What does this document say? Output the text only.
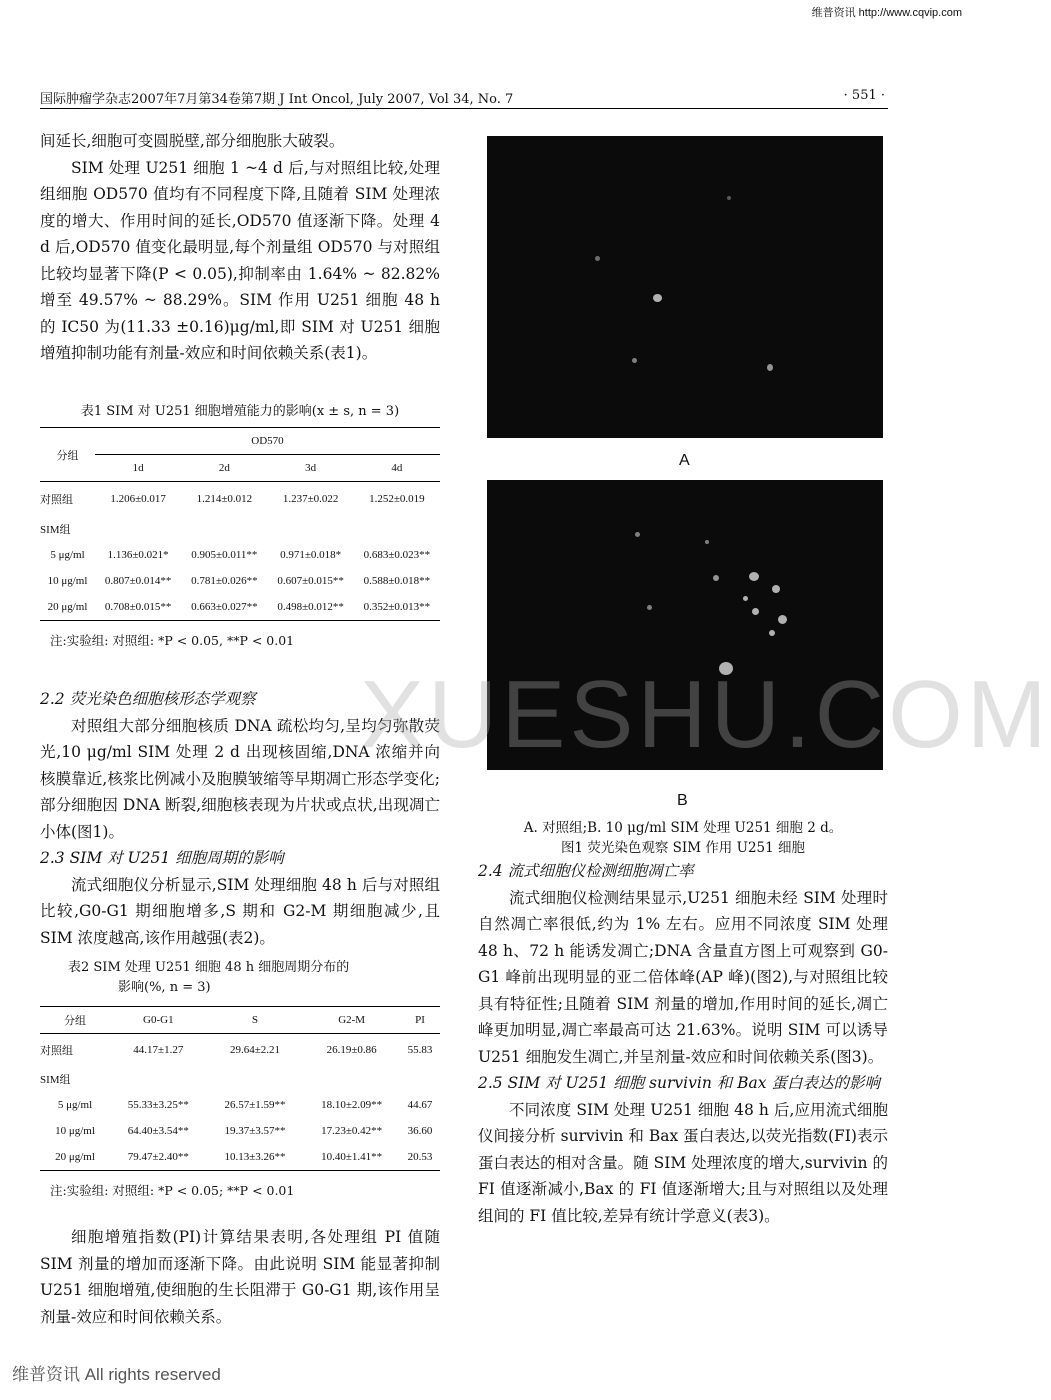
维普资讯 http://www.cqvip.com
国际肿瘤学杂志2007年7月第34卷第7期 J Int Oncol, July 2007, Vol 34, No. 7	· 551 ·

间延长,细胞可变圆脱壁,部分细胞胀大破裂。

SIM 处理 U251 细胞 1 ~4 d 后,与对照组比较,处理组细胞 OD570 值均有不同程度下降,且随着 SIM 处理浓度的增大、作用时间的延长,OD570 值逐渐下降。处理 4 d 后,OD570 值变化最明显,每个剂量组 OD570 与对照组比较均显著下降(P < 0.05),抑制率由 1.64% ~ 82.82% 增至 49.57% ~ 88.29%。SIM 作用 U251 细胞 48 h 的 IC50 为(11.33 ±0.16)μg/ml,即 SIM 对 U251 细胞增殖抑制功能有剂量-效应和时间依赖关系(表1)。

表1 SIM 对 U251 细胞增殖能力的影响(x ± s, n = 3)
分组	OD570			
	1d	2d	3d	4d
对照组	1.206±0.017	1.214±0.012	1.237±0.022	1.252±0.019
SIM组				
5 μg/ml	1.136±0.021*	0.905±0.011**	0.971±0.018*	0.683±0.023**
10 μg/ml	0.807±0.014**	0.781±0.026**	0.607±0.015**	0.588±0.018**
20 μg/ml	0.708±0.015**	0.663±0.027**	0.498±0.012**	0.352±0.013**
注:实验组: 对照组: *P < 0.05, **P < 0.01

2.2 荧光染色细胞核形态学观察

对照组大部分细胞核质 DNA 疏松均匀,呈均匀弥散荧光,10 μg/ml SIM 处理 2 d 出现核固缩,DNA 浓缩并向核膜靠近,核浆比例减小及胞膜皱缩等早期凋亡形态学变化;部分细胞因 DNA 断裂,细胞核表现为片状或点状,出现凋亡小体(图1)。

2.3 SIM 对 U251 细胞周期的影响

流式细胞仪分析显示,SIM 处理细胞 48 h 后与对照组比较,G0-G1 期细胞增多,S 期和 G2-M 期细胞减少,且 SIM 浓度越高,该作用越强(表2)。

表2 SIM 处理 U251 细胞 48 h 细胞周期分布的
影响(%, n = 3)
分组	G0-G1	S	G2-M	PI
对照组	44.17±1.27	29.64±2.21	26.19±0.86	55.83
SIM组				
5 μg/ml	55.33±3.25**	26.57±1.59**	18.10±2.09**	44.67
10 μg/ml	64.40±3.54**	19.37±3.57**	17.23±0.42**	36.60
20 μg/ml	79.47±2.40**	10.13±3.26**	10.40±1.41**	20.53
注:实验组: 对照组: *P < 0.05; **P < 0.01

细胞增殖指数(PI)计算结果表明,各处理组 PI 值随 SIM 剂量的增加而逐渐下降。由此说明 SIM 能显著抑制 U251 细胞增殖,使细胞的生长阻滞于 G0-G1 期,该作用呈剂量-效应和时间依赖关系。

A
B
A. 对照组;B. 10 μg/ml SIM 处理 U251 细胞 2 d。
图1 荧光染色观察 SIM 作用 U251 细胞

2.4 流式细胞仪检测细胞凋亡率

流式细胞仪检测结果显示,U251 细胞未经 SIM 处理时自然凋亡率很低,约为 1% 左右。应用不同浓度 SIM 处理 48 h、72 h 能诱发凋亡;DNA 含量直方图上可观察到 G0-G1 峰前出现明显的亚二倍体峰(AP 峰)(图2),与对照组比较具有特征性;且随着 SIM 剂量的增加,作用时间的延长,凋亡峰更加明显,凋亡率最高可达 21.63%。说明 SIM 可以诱导 U251 细胞发生凋亡,并呈剂量-效应和时间依赖关系(图3)。

2.5 SIM 对 U251 细胞 survivin 和 Bax 蛋白表达的影响

不同浓度 SIM 处理 U251 细胞 48 h 后,应用流式细胞仪间接分析 survivin 和 Bax 蛋白表达,以荧光指数(FI)表示蛋白表达的相对含量。随 SIM 处理浓度的增大,survivin 的 FI 值逐渐减小,Bax 的 FI 值逐渐增大;且与对照组以及处理组间的 FI 值比较,差异有统计学意义(表3)。

XUESHU.COM
维普资讯 All rights reserved
